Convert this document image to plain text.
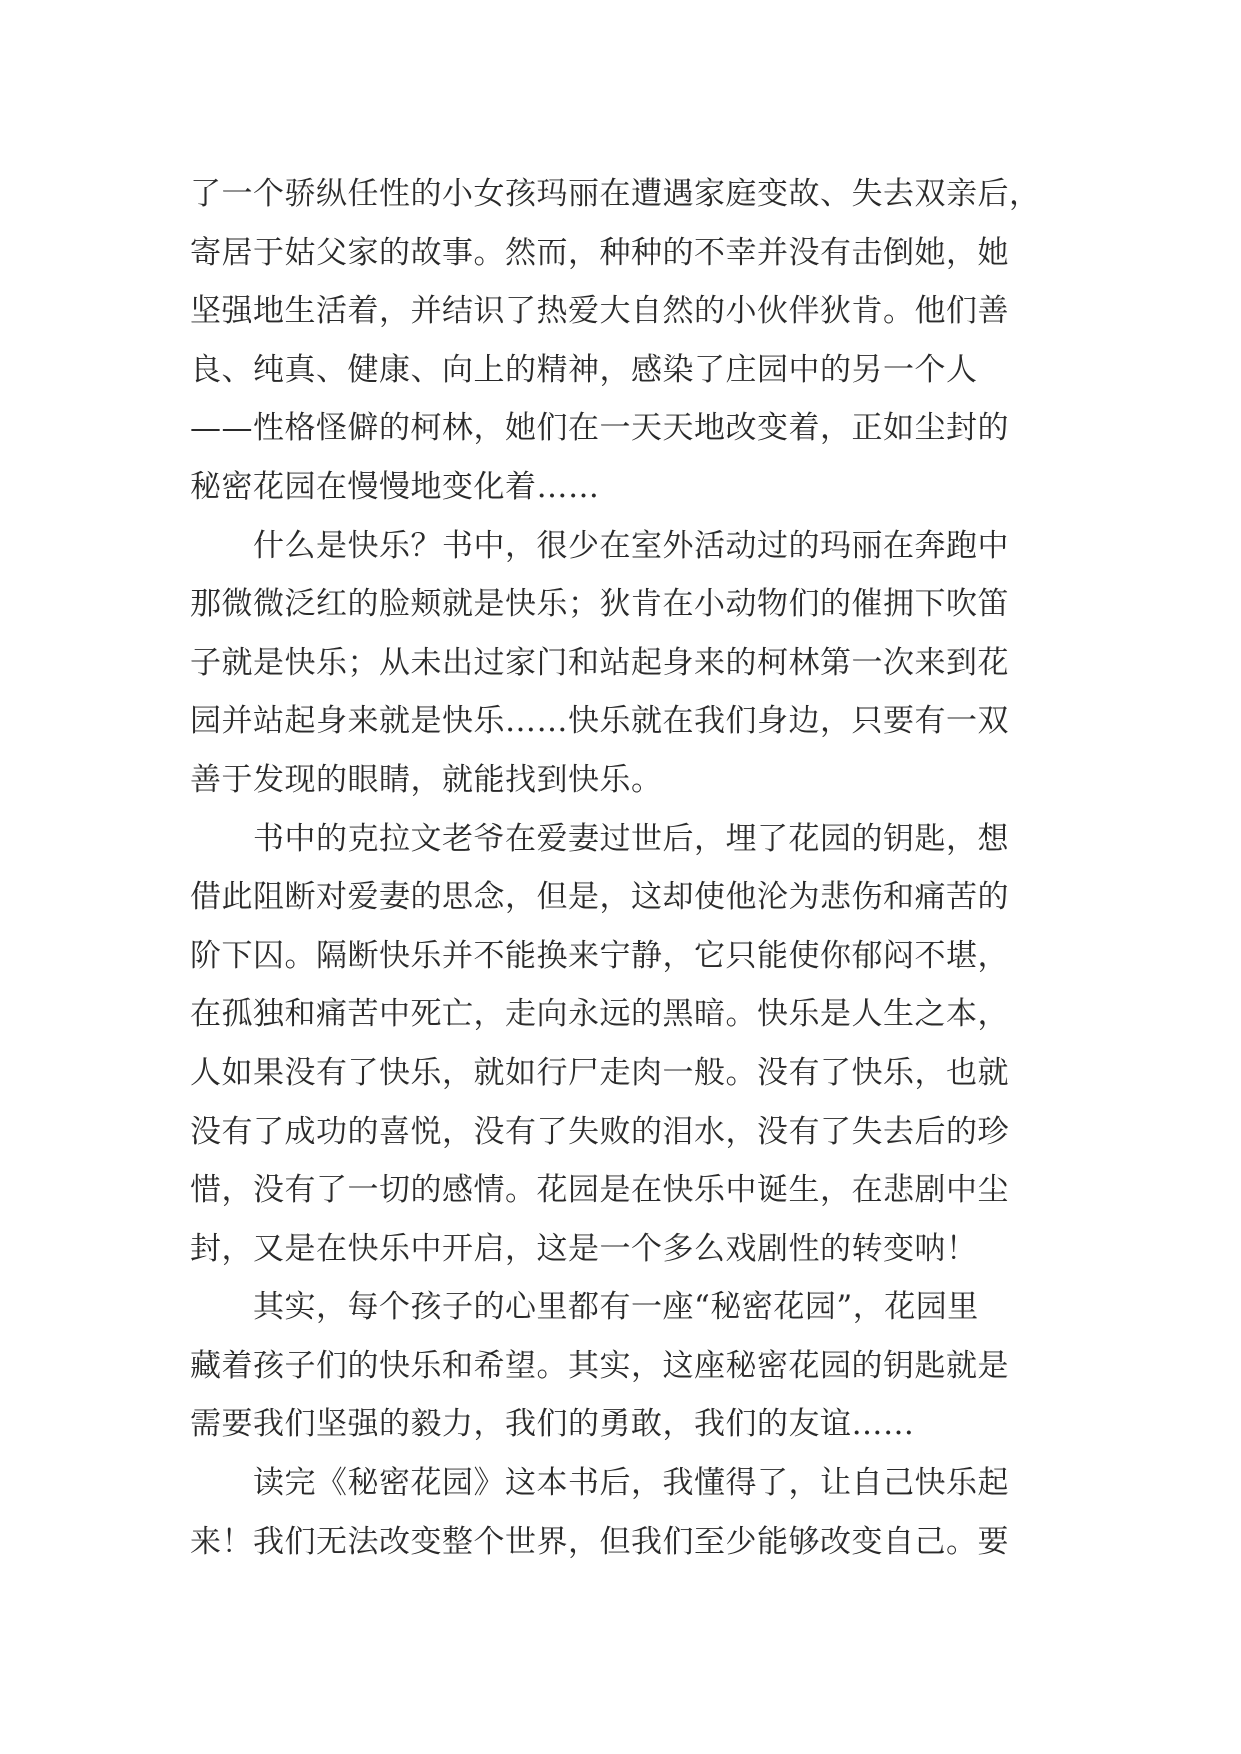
了一个骄纵任性的小女孩玛丽在遭遇家庭变故、失去双亲后，
寄居于姑父家的故事。然而，种种的不幸并没有击倒她，她
坚强地生活着，并结识了热爱大自然的小伙伴狄肯。他们善
良、纯真、健康、向上的精神，感染了庄园中的另一个人
——性格怪僻的柯林，她们在一天天地改变着，正如尘封的
秘密花园在慢慢地变化着……
　　什么是快乐？书中，很少在室外活动过的玛丽在奔跑中
那微微泛红的脸颊就是快乐；狄肯在小动物们的催拥下吹笛
子就是快乐；从未出过家门和站起身来的柯林第一次来到花
园并站起身来就是快乐……快乐就在我们身边，只要有一双
善于发现的眼睛，就能找到快乐。
　　书中的克拉文老爷在爱妻过世后，埋了花园的钥匙，想
借此阻断对爱妻的思念，但是，这却使他沦为悲伤和痛苦的
阶下囚。隔断快乐并不能换来宁静，它只能使你郁闷不堪，
在孤独和痛苦中死亡，走向永远的黑暗。快乐是人生之本，
人如果没有了快乐，就如行尸走肉一般。没有了快乐，也就
没有了成功的喜悦，没有了失败的泪水，没有了失去后的珍
惜，没有了一切的感情。花园是在快乐中诞生，在悲剧中尘
封，又是在快乐中开启，这是一个多么戏剧性的转变呐！
　　其实，每个孩子的心里都有一座“秘密花园”，花园里
藏着孩子们的快乐和希望。其实，这座秘密花园的钥匙就是
需要我们坚强的毅力，我们的勇敢，我们的友谊……
　　读完《秘密花园》这本书后，我懂得了，让自己快乐起
来！我们无法改变整个世界，但我们至少能够改变自己。要
